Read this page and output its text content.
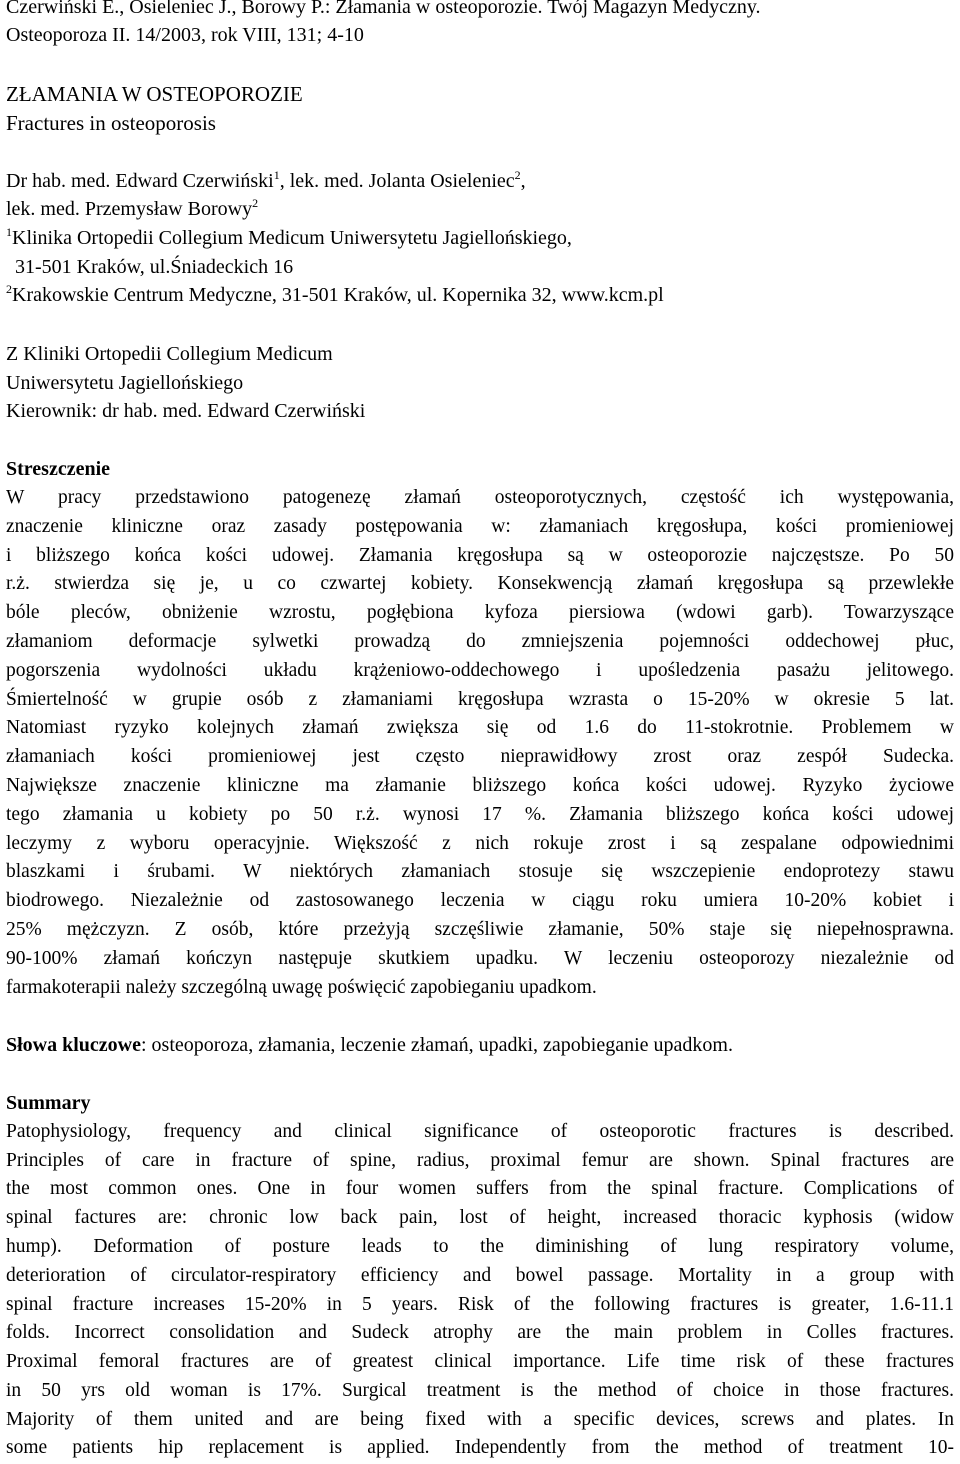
Czerwiński E., Osieleniec J., Borowy P.: Złamania w osteoporozie. Twój Magazyn Medyczny.
Osteoporoza II. 14/2003, rok VIII, 131; 4-10
ZŁAMANIA W OSTEOPOROZIE
Fractures in osteoporosis
Dr hab. med. Edward Czerwiński$^1$, lek. med. Jolanta Osieleniec$^2$,
lek. med. Przemysław Borowy$^2$
$^1$Klinika Ortopedii Collegium Medicum Uniwersytetu Jagiellońskiego,
31-501 Kraków, ul.Śniadeckich 16
$^2$Krakowskie Centrum Medyczne, 31-501 Kraków, ul. Kopernika 32, www.kcm.pl
Z Kliniki Ortopedii Collegium Medicum
Uniwersytetu Jagiellońskiego
Kierownik: dr hab. med. Edward Czerwiński
Streszczenie
W pracy przedstawiono patogenezę złamań osteoporotycznych, częstość ich występowania,
znaczenie kliniczne oraz zasady postępowania w: złamaniach kręgosłupa, kości promieniowej
i bliższego końca kości udowej. Złamania kręgosłupa są w osteoporozie najczęstsze. Po 50
r.ż. stwierdza się je, u co czwartej kobiety. Konsekwencją złamań kręgosłupa są przewlekłe
bóle pleców, obniżenie wzrostu, pogłębiona kyfoza piersiowa (wdowi garb). Towarzyszące
złamaniom deformacje sylwetki prowadzą do zmniejszenia pojemności oddechowej płuc,
pogorszenia wydolności układu krążeniowo-oddechowego i upośledzenia pasażu jelitowego.
Śmiertelność w grupie osób z złamaniami kręgosłupa wzrasta o 15-20% w okresie 5 lat.
Natomiast ryzyko kolejnych złamań zwiększa się od 1.6 do 11-stokrotnie. Problemem w
złamaniach kości promieniowej jest często nieprawidłowy zrost oraz zespół Sudecka.
Największe znaczenie kliniczne ma złamanie bliższego końca kości udowej. Ryzyko życiowe
tego złamania u kobiety po 50 r.ż. wynosi 17 %. Złamania bliższego końca kości udowej
leczymy z wyboru operacyjnie. Większość z nich rokuje zrost i są zespalane odpowiednimi
blaszkami i śrubami. W niektórych złamaniach stosuje się wszczepienie endoprotezy stawu
biodrowego. Niezależnie od zastosowanego leczenia w ciągu roku umiera 10-20% kobiet i
25% mężczyzn. Z osób, które przeżyją szczęśliwie złamanie, 50% staje się niepełnosprawna.
90-100% złamań kończyn następuje skutkiem upadku. W leczeniu osteoporozy niezależnie od
farmakoterapii należy szczególną uwagę poświęcić zapobieganiu upadkom.
Słowa kluczowe: osteoporoza, złamania, leczenie złamań, upadki, zapobieganie upadkom.
Summary
Patophysiology, frequency and clinical significance of osteoporotic fractures is described.
Principles of care in fracture of spine, radius, proximal femur are shown. Spinal fractures are
the most common ones. One in four women suffers from the spinal fracture. Complications of
spinal factures are: chronic low back pain, lost of height, increased thoracic kyphosis (widow
hump). Deformation of posture leads to the diminishing of lung respiratory volume,
deterioration of circulator-respiratory efficiency and bowel passage. Mortality in a group with
spinal fracture increases 15-20% in 5 years. Risk of the following fractures is greater, 1.6-11.1
folds. Incorrect consolidation and Sudeck atrophy are the main problem in Colles fractures.
Proximal femoral fractures are of greatest clinical importance. Life time risk of these fractures
in 50 yrs old woman is 17%. Surgical treatment is the method of choice in those fractures.
Majority of them united and are being fixed with a specific devices, screws and plates. In
some patients hip replacement is applied. Independently from the method of treatment 10-
